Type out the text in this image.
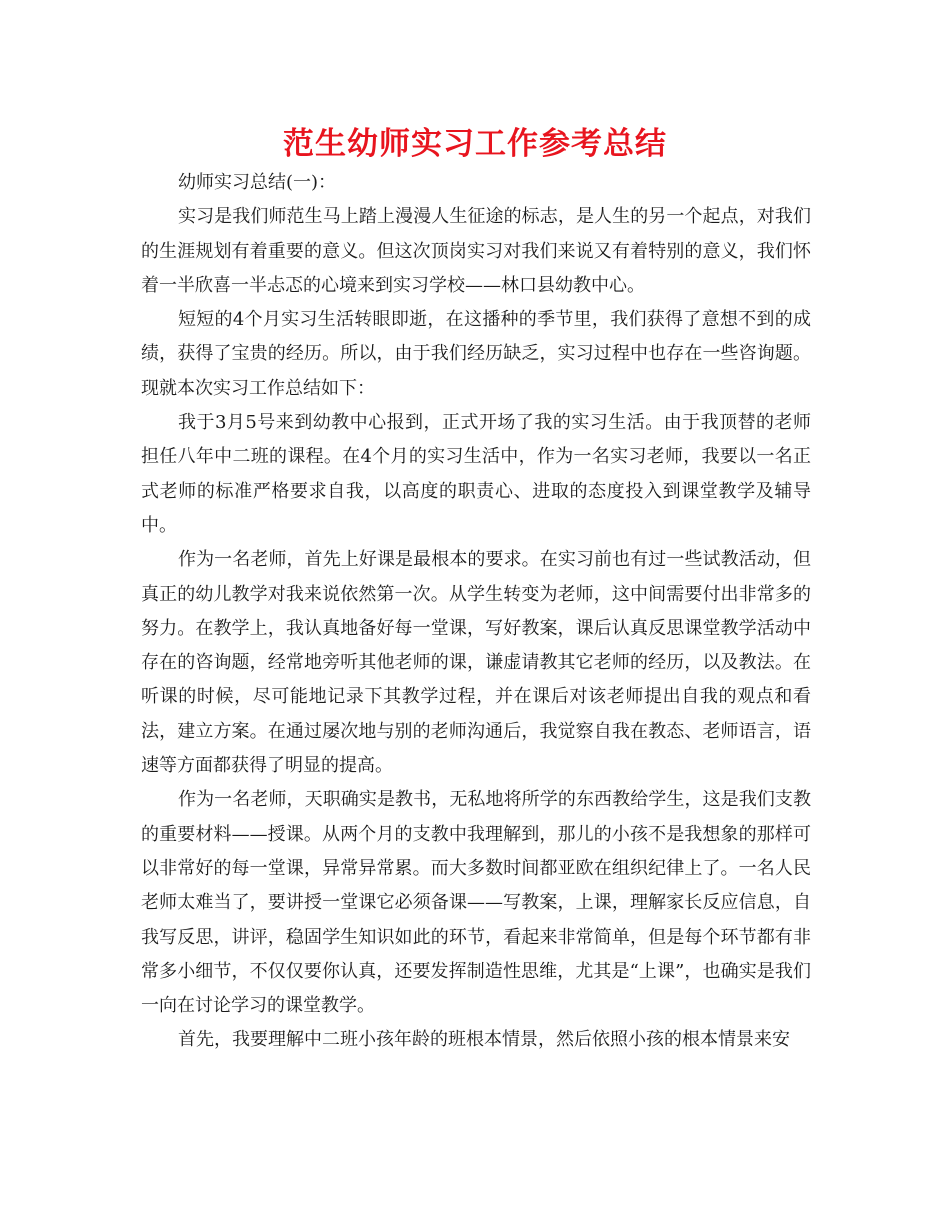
范生幼师实习工作参考总结

幼师实习总结(一)：

实习是我们师范生马上踏上漫漫人生征途的标志，是人生的另一个起点，对我们的生涯规划有着重要的意义。但这次顶岗实习对我们来说又有着特别的意义，我们怀着一半欣喜一半忐忑的心境来到实习学校——林口县幼教中心。

短短的4个月实习生活转眼即逝，在这播种的季节里，我们获得了意想不到的成绩，获得了宝贵的经历。所以，由于我们经历缺乏，实习过程中也存在一些咨询题。现就本次实习工作总结如下：

我于3月5号来到幼教中心报到，正式开场了我的实习生活。由于我顶替的老师担任八年中二班的课程。在4个月的实习生活中，作为一名实习老师，我要以一名正式老师的标准严格要求自我，以高度的职责心、进取的态度投入到课堂教学及辅导中。

作为一名老师，首先上好课是最根本的要求。在实习前也有过一些试教活动，但真正的幼儿教学对我来说依然第一次。从学生转变为老师，这中间需要付出非常多的努力。在教学上，我认真地备好每一堂课，写好教案，课后认真反思课堂教学活动中存在的咨询题，经常地旁听其他老师的课，谦虚请教其它老师的经历，以及教法。在听课的时候，尽可能地记录下其教学过程，并在课后对该老师提出自我的观点和看法，建立方案。在通过屡次地与别的老师沟通后，我觉察自我在教态、老师语言，语速等方面都获得了明显的提高。

作为一名老师，天职确实是教书，无私地将所学的东西教给学生，这是我们支教的重要材料——授课。从两个月的支教中我理解到，那儿的小孩不是我想象的那样可以非常好的每一堂课，异常异常累。而大多数时间都亚欧在组织纪律上了。一名人民老师太难当了，要讲授一堂课它必须备课——写教案，上课，理解家长反应信息，自我写反思，讲评，稳固学生知识如此的环节，看起来非常简单，但是每个环节都有非常多小细节，不仅仅要你认真，还要发挥制造性思维，尤其是“上课”，也确实是我们一向在讨论学习的课堂教学。

首先，我要理解中二班小孩年龄的班根本情景，然后依照小孩的根本情景来安
